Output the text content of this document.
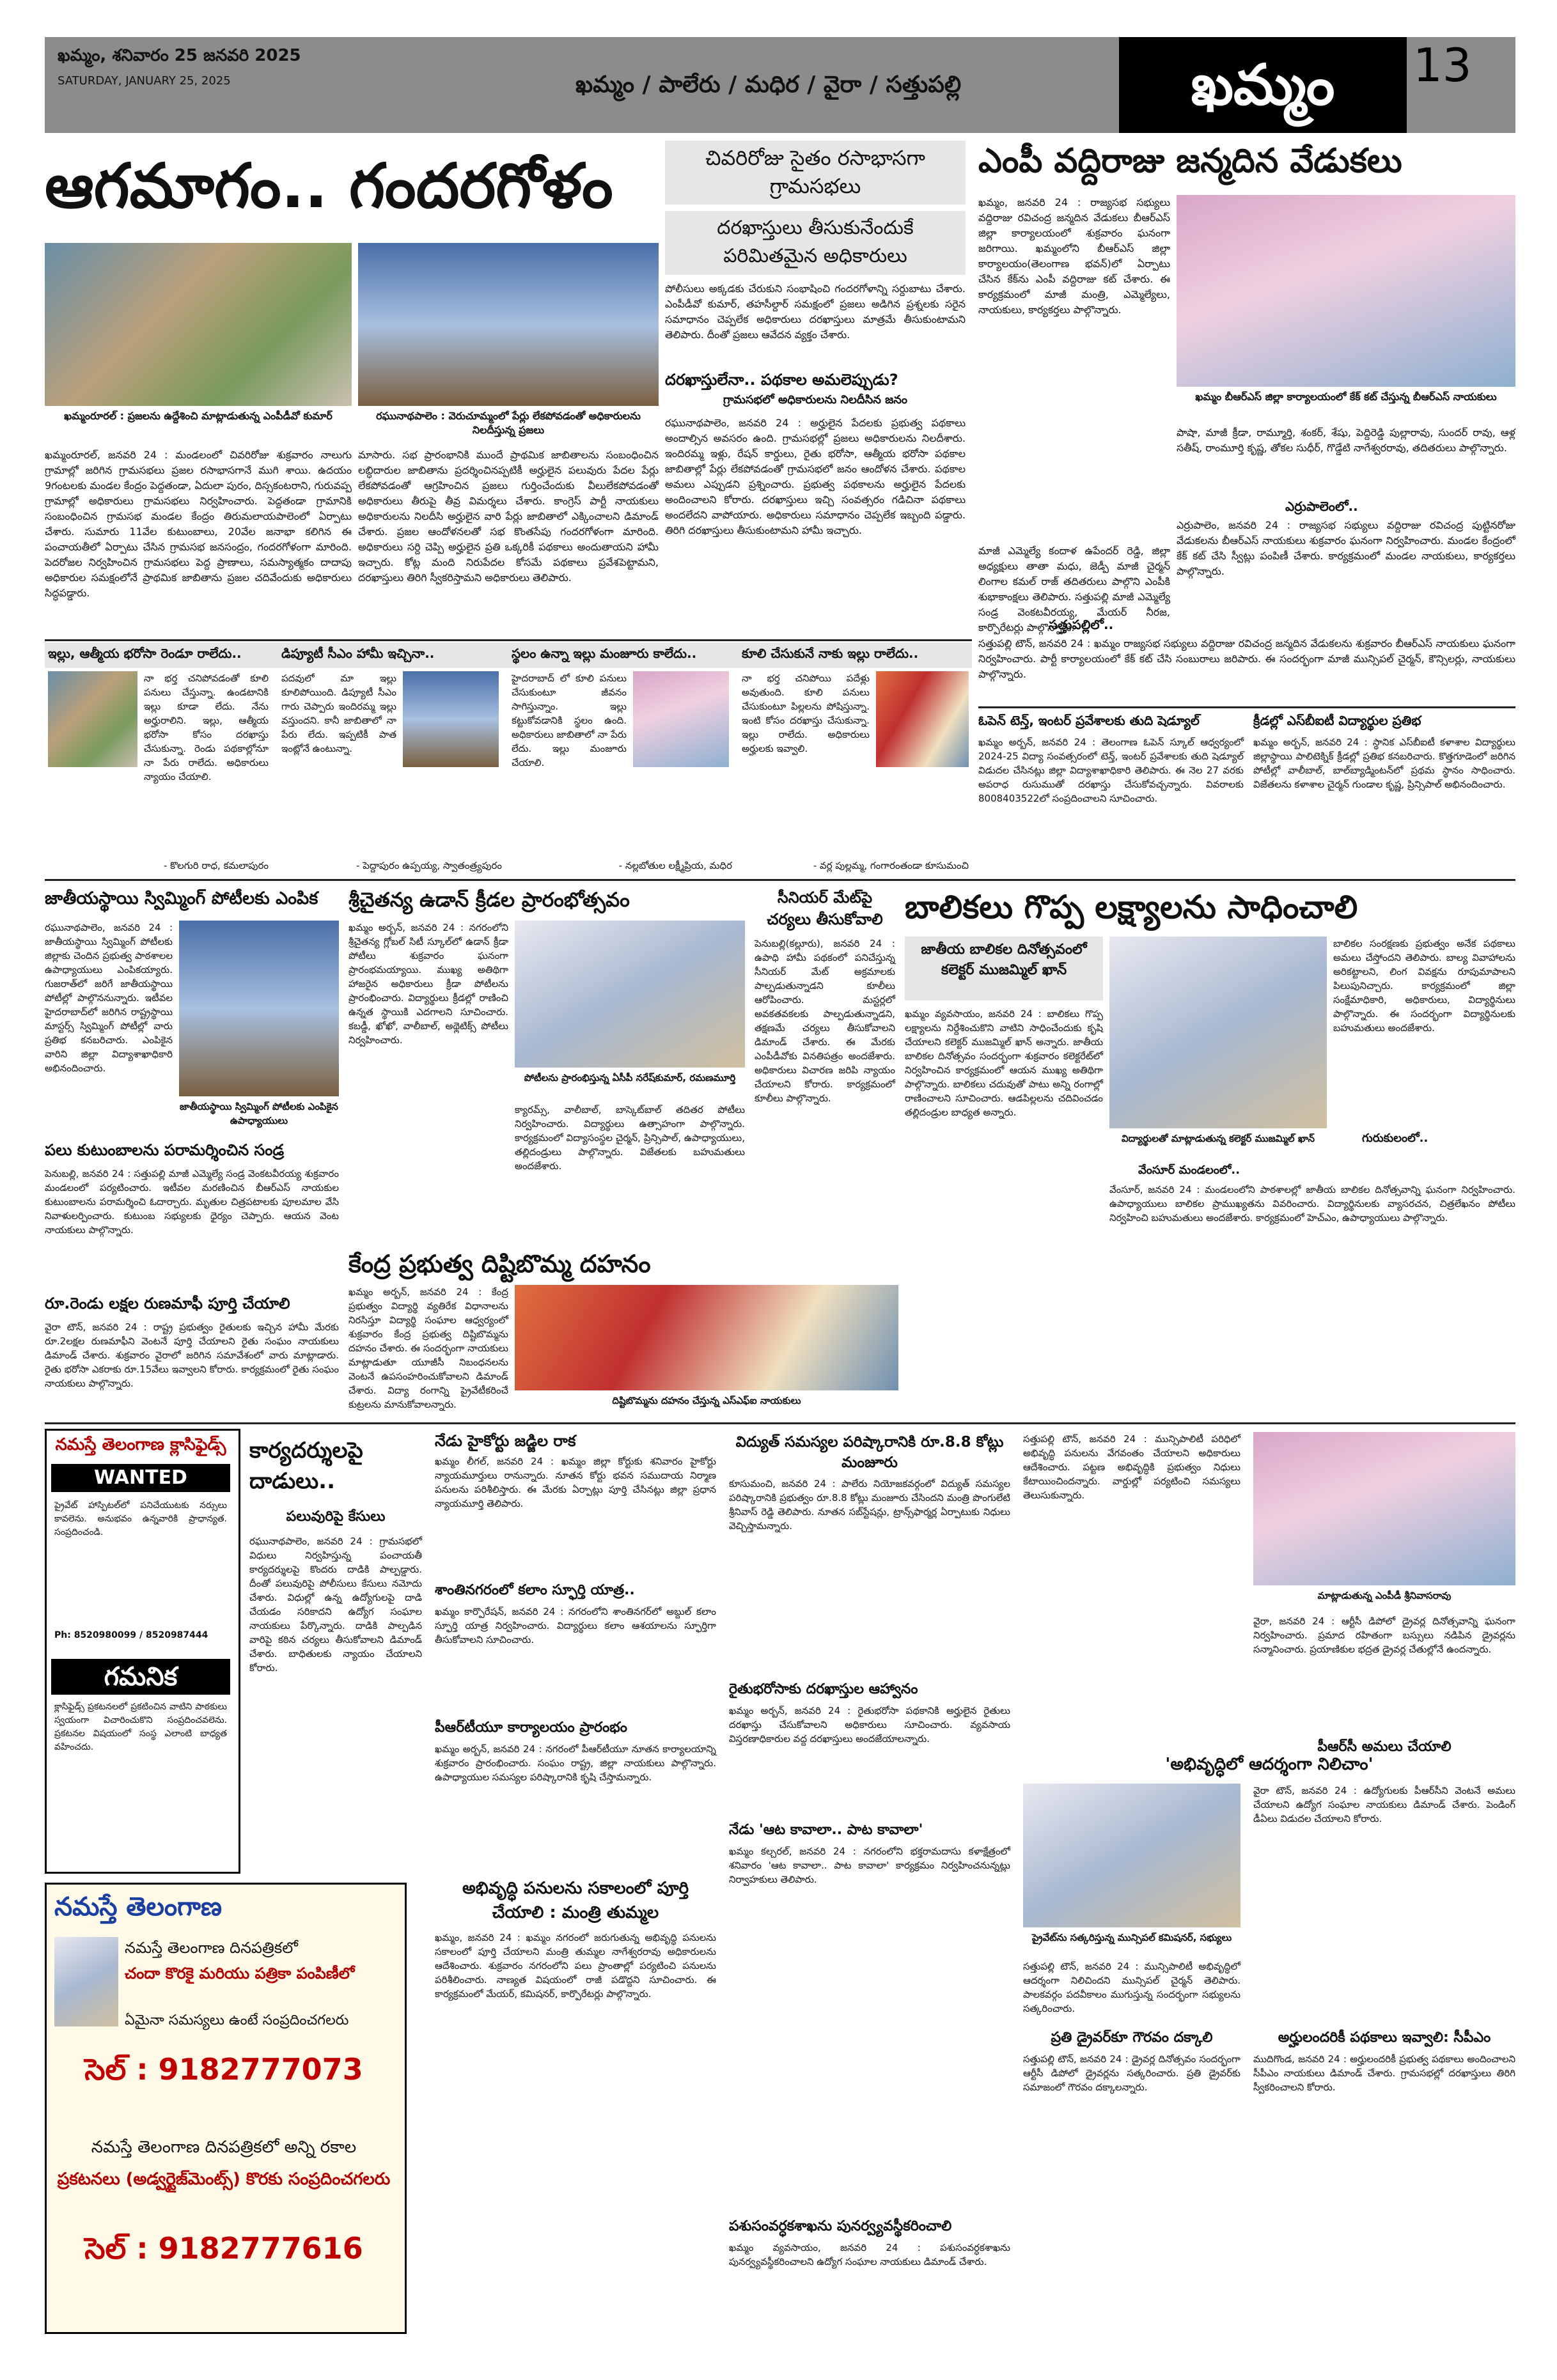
ఖమ్మం, శనివారం 25 జనవరి 2025
SATURDAY, JANUARY 25, 2025	ఖమ్మం / పాలేరు / మధిర / వైరా / సత్తుపల్లి	ఖమ్మం	13
ఆగమాగం.. గందరగోళం
ఖమ్మంరూరల్ : ప్రజలను ఉద్దేశించి మాట్లాడుతున్న ఎంపీడీవో కుమార్	రఘునాథపాలెం : వెరుచూమ్మంలో పేర్లు లేకపోవడంతో అధికారులను నిలదీస్తున్న ప్రజలు
ఖమ్మంరూరల్, జనవరి 24 : మండలంలో చివరిరోజు శుక్రవారం నాలుగు గ్రామాల్లో జరిగిన గ్రామసభలు ప్రజల రసాభాసగానే ముగి శాయి. ఉదయం 9గంటలకు మండల కేంద్రం పెద్దతండా, ఏదులా పురం, దిస్సకంటరాని, గురువప్ప గ్రామాల్లో అధికారులు గ్రామసభలు నిర్వహించారు. పెద్దతండా గ్రామానికి సంబంధించిన గ్రామసభ మండల కేంద్రం తిరుమలాయపాలెంలో ఏర్పాటు చేశారు. సుమారు 11వేల కుటుంబాలు, 20వేల జనాభా కలిగిన ఈ పంచాయతీలో ఏర్పాటు చేసిన గ్రామసభ జనసంద్రం, గందరగోళంగా మారింది. పెదరోజల నిర్వహించిన గ్రామసభలు పెద్ద ప్రాణాలు, సమస్యాత్మకం దాదాపు అధికారుల సమక్షంలోనే ప్రాథమిక జాబితాను ప్రజల చదివేందుకు అధికారులు సిద్ధపడ్డారు.
మాసారు. సభ ప్రారంభానికి ముందే ప్రాథమిక జాబితాలను సంబంధించిన లబ్ధిదారుల జాబితాను ప్రదర్శించినప్పటికీ అర్హులైన పలువురు పేదల పేర్లు లేకపోవడంతో ఆగ్రహించిన ప్రజలు గుర్తించేందుకు వీలులేకపోవడంతో అధికారులు తీరుపై తీవ్ర విమర్శలు చేశారు. కాంగ్రెస్ పార్టీ నాయకులు అధికారులను నిలదీసి అర్హులైన వారి పేర్లు జాబితాలో ఎక్కించాలని డిమాండ్ చేశారు. ప్రజల ఆందోళనలతో సభ కొంతసేపు గందరగోళంగా మారింది. అధికారులు సర్ది చెప్పి అర్హులైన ప్రతి ఒక్కరికీ పథకాలు అందుతాయని హామీ ఇచ్చారు. కోట్ల మంది నిరుపేదల కోసమే పథకాలు ప్రవేశపెట్టామని, దరఖాస్తులు తిరిగి స్వీకరిస్తామని అధికారులు తెలిపారు.
చివరిరోజు సైతం రసాభాసగా గ్రామసభలు
దరఖాస్తులు తీసుకునేందుకే పరిమితమైన అధికారులు
పోలీసులు అక్కడకు చేరుకుని సంభాషించి గందరగోళాన్ని సర్దుబాటు చేశారు. ఎంపీడీవో కుమార్, తహసీల్దార్ సమక్షంలో ప్రజలు అడిగిన ప్రశ్నలకు సరైన సమాధానం చెప్పలేక అధికారులు దరఖాస్తులు మాత్రమే తీసుకుంటామని తెలిపారు. దీంతో ప్రజలు ఆవేదన వ్యక్తం చేశారు.
దరఖాస్తులేనా.. పథకాల అమలెప్పుడు?
గ్రామసభలో అధికారులను నిలదీసిన జనం
రఘునాథపాలెం, జనవరి 24 : అర్హులైన పేదలకు ప్రభుత్వ పథకాలు అందాల్సిన అవసరం ఉంది. గ్రామసభల్లో ప్రజలు అధికారులను నిలదీశారు. ఇందిరమ్మ ఇళ్లు, రేషన్ కార్డులు, రైతు భరోసా, ఆత్మీయ భరోసా పథకాల జాబితాల్లో పేర్లు లేకపోవడంతో గ్రామసభలో జనం ఆందోళన చేశారు. పథకాల అమలు ఎప్పుడని ప్రశ్నించారు. ప్రభుత్వ పథకాలను అర్హులైన పేదలకు అందించాలని కోరారు. దరఖాస్తులు ఇచ్చి సంవత్సరం గడిచినా పథకాలు అందలేదని వాపోయారు. అధికారులు సమాధానం చెప్పలేక ఇబ్బంది పడ్డారు. తిరిగి దరఖాస్తులు తీసుకుంటామని హామీ ఇచ్చారు.
ఎంపీ వద్దిరాజు జన్మదిన వేడుకలు
ఖమ్మం, జనవరి 24 : రాజ్యసభ సభ్యులు వద్దిరాజు రవిచంద్ర జన్మదిన వేడుకలు బీఆర్ఎస్ జిల్లా కార్యాలయంలో శుక్రవారం ఘనంగా జరిగాయి. ఖమ్మంలోని బీఆర్ఎస్ జిల్లా కార్యాలయం(తెలంగాణ భవన్)లో ఏర్పాటు చేసిన కేక్‌ను ఎంపీ వద్దిరాజు కట్ చేశారు. ఈ కార్యక్రమంలో మాజీ మంత్రి, ఎమ్మెల్యేలు, నాయకులు, కార్యకర్తలు పాల్గొన్నారు.
ఖమ్మం బీఆర్ఎస్ జిల్లా కార్యాలయంలో కేక్ కట్ చేస్తున్న బీఆర్ఎస్ నాయకులు
పాషా, మాజీ క్రీడా, రామ్మూర్తి, శంకర్, శేషు, పెద్దిరెడ్డి పుల్లారావు, సుందర్ రావు, ఆళ్ల సతీష్, రాంమూర్తి కృష్ణ, తోకల సుధీర్, గొడ్డేటి నాగేశ్వరరావు, తదితరులు పాల్గొన్నారు.
మాజీ ఎమ్మెల్యే కందాళ ఉపేందర్ రెడ్డి, జిల్లా అధ్యక్షులు తాతా మధు, జెడ్పీ మాజీ చైర్మన్ లింగాల కమల్ రాజ్ తదితరులు పాల్గొని ఎంపీకి శుభాకాంక్షలు తెలిపారు. సత్తుపల్లి మాజీ ఎమ్మెల్యే సండ్ర వెంకటవీరయ్య, మేయర్ నీరజ, కార్పొరేటర్లు పాల్గొన్నారు.
ఎర్రుపాలెంలో..
ఎర్రుపాలెం, జనవరి 24 : రాజ్యసభ సభ్యులు వద్దిరాజు రవిచంద్ర పుట్టినరోజు వేడుకలను బీఆర్ఎస్ నాయకులు శుక్రవారం ఘనంగా నిర్వహించారు. మండల కేంద్రంలో కేక్ కట్ చేసి స్వీట్లు పంపిణీ చేశారు. కార్యక్రమంలో మండల నాయకులు, కార్యకర్తలు పాల్గొన్నారు.
సత్తుపల్లిలో..
సత్తుపల్లి టౌన్, జనవరి 24 : ఖమ్మం రాజ్యసభ సభ్యులు వద్దిరాజు రవిచంద్ర జన్మదిన వేడుకలను శుక్రవారం బీఆర్ఎస్ నాయకులు ఘనంగా నిర్వహించారు. పార్టీ కార్యాలయంలో కేక్ కట్ చేసి సంబురాలు జరిపారు. ఈ సందర్భంగా మాజీ మున్సిపల్ చైర్మన్, కౌన్సిలర్లు, నాయకులు పాల్గొన్నారు.
ఇల్లు, ఆత్మీయ భరోసా రెండూ రాలేదు..
నా భర్త చనిపోవడంతో కూలి పనులు చేస్తున్నా. ఉండటానికి ఇల్లు కూడా లేదు. నేను అర్హురాలిని. ఇల్లు, ఆత్మీయ భరోసా కోసం దరఖాస్తు చేసుకున్నా. రెండు పథకాల్లోనూ నా పేరు రాలేదు. అధికారులు న్యాయం చేయాలి.
- కొలగురి రాధ, కమలాపురం
డిప్యూటీ సీఎం హామీ ఇచ్చినా..
పదవులో మా ఇల్లు కూలిపోయింది. డిప్యూటీ సీఎం గారు చెప్పారు ఇందిరమ్మ ఇల్లు వస్తుందని. కానీ జాబితాలో నా పేరు లేదు. ఇప్పటికీ పాత ఇంట్లోనే ఉంటున్నా.
- పెద్దాపురం ఉప్పయ్య, స్వాతంత్ర్యపురం
స్థలం ఉన్నా ఇల్లు మంజూరు కాలేదు..
హైదరాబాద్ లో కూలి పనులు చేసుకుంటూ జీవనం సాగిస్తున్నాం. ఇల్లు కట్టుకోవడానికి స్థలం ఉంది. అధికారులు జాబితాలో నా పేరు లేదు. ఇల్లు మంజూరు చేయాలి.
- నల్లబోతుల లక్ష్మీప్రియ, మధిర
కూలి చేసుకునే నాకు ఇల్లు రాలేదు..
నా భర్త చనిపోయి పదేళ్లు అవుతుంది. కూలి పనులు చేసుకుంటూ పిల్లలను పోషిస్తున్నా. ఇంటి కోసం దరఖాస్తు చేసుకున్నా. ఇల్లు రాలేదు. అధికారులు అర్హులకు ఇవ్వాలి.
- వర్ల పుల్లమ్మ, గంగారంతండా కూసుమంచి
ఓపెన్ టెన్త్, ఇంటర్ ప్రవేశాలకు తుది షెడ్యూల్
ఖమ్మం అర్బన్, జనవరి 24 : తెలంగాణ ఓపెన్ స్కూల్ ఆధ్వర్యంలో 2024-25 విద్యా సంవత్సరంలో టెన్త్, ఇంటర్ ప్రవేశాలకు తుది షెడ్యూల్ విడుదల చేసినట్లు జిల్లా విద్యాశాఖాధికారి తెలిపారు. ఈ నెల 27 వరకు అపరాధ రుసుముతో దరఖాస్తు చేసుకోవచ్చన్నారు. వివరాలకు 8008403522లో సంప్రదించాలని సూచించారు.
క్రీడల్లో ఎస్‌బీఐటీ విద్యార్థుల ప్రతిభ
ఖమ్మం అర్బన్, జనవరి 24 : స్థానిక ఎస్‌బీఐటీ కళాశాల విద్యార్థులు జిల్లాస్థాయి పాలిటెక్నిక్ క్రీడల్లో ప్రతిభ కనబరిచారు. కొత్తగూడెంలో జరిగిన పోటీల్లో వాలీబాల్, బాల్‌బ్యాడ్మింటన్‌లో ప్రథమ స్థానం సాధించారు. విజేతలను కళాశాల చైర్మన్ గుండాల కృష్ణ, ప్రిన్సిపాల్ అభినందించారు.
జాతీయస్థాయి స్విమ్మింగ్ పోటీలకు ఎంపిక
రఘునాథపాలెం, జనవరి 24 : జాతీయస్థాయి స్విమ్మింగ్ పోటీలకు జిల్లాకు చెందిన ప్రభుత్వ పాఠశాలల ఉపాధ్యాయులు ఎంపికయ్యారు. గుజరాత్‌లో జరిగే జాతీయస్థాయి పోటీల్లో పాల్గొననున్నారు. ఇటీవల హైదరాబాద్‌లో జరిగిన రాష్ట్రస్థాయి మాస్టర్స్ స్విమ్మింగ్ పోటీల్లో వారు ప్రతిభ కనబరిచారు. ఎంపికైన వారిని జిల్లా విద్యాశాఖాధికారి అభినందించారు.
జాతీయస్థాయి స్విమ్మింగ్ పోటీలకు ఎంపికైన ఉపాధ్యాయులు
పలు కుటుంబాలను పరామర్శించిన సండ్ర
పెనుబల్లి, జనవరి 24 : సత్తుపల్లి మాజీ ఎమ్మెల్యే సండ్ర వెంకటవీరయ్య శుక్రవారం మండలంలో పర్యటించారు. ఇటీవల మరణించిన బీఆర్ఎస్ నాయకుల కుటుంబాలను పరామర్శించి ఓదార్చారు. మృతుల చిత్రపటాలకు పూలమాల వేసి నివాళులర్పించారు. కుటుంబ సభ్యులకు ధైర్యం చెప్పారు. ఆయన వెంట నాయకులు పాల్గొన్నారు.
రూ.రెండు లక్షల రుణమాఫీ పూర్తి చేయాలి
వైరా టౌన్, జనవరి 24 : రాష్ట్ర ప్రభుత్వం రైతులకు ఇచ్చిన హామీ మేరకు రూ.2లక్షల రుణమాఫీని వెంటనే పూర్తి చేయాలని రైతు సంఘం నాయకులు డిమాండ్ చేశారు. శుక్రవారం వైరాలో జరిగిన సమావేశంలో వారు మాట్లాడారు. రైతు భరోసా ఎకరాకు రూ.15వేలు ఇవ్వాలని కోరారు. కార్యక్రమంలో రైతు సంఘం నాయకులు పాల్గొన్నారు.
శ్రీచైతన్య ఉడాన్ క్రీడల ప్రారంభోత్సవం
ఖమ్మం అర్బన్, జనవరి 24 : నగరంలోని శ్రీచైతన్య గ్లోబల్ సిటీ స్కూల్‌లో ఉడాన్ క్రీడా పోటీలు శుక్రవారం ఘనంగా ప్రారంభమయ్యాయి. ముఖ్య అతిథిగా హాజరైన అధికారులు క్రీడా పోటీలను ప్రారంభించారు. విద్యార్థులు క్రీడల్లో రాణించి ఉన్నత స్థాయికి ఎదగాలని సూచించారు. కబడ్డీ, ఖోఖో, వాలీబాల్, అథ్లెటిక్స్ పోటీలు నిర్వహించారు.
పోటీలను ప్రారంభిస్తున్న ఏసీపీ నరేష్‌కుమార్, రమణమూర్తి
క్యారమ్స్, వాలీబాల్, బాస్కెట్‌బాల్ తదితర పోటీలు నిర్వహించారు. విద్యార్థులు ఉత్సాహంగా పాల్గొన్నారు. కార్యక్రమంలో విద్యాసంస్థల చైర్మన్, ప్రిన్సిపాల్, ఉపాధ్యాయులు, తల్లిదండ్రులు పాల్గొన్నారు. విజేతలకు బహుమతులు అందజేశారు.
సీనియర్ మేట్‌పై చర్యలు తీసుకోవాలి
పెనుబల్లి(కల్లూరు), జనవరి 24 : ఉపాధి హామీ పథకంలో పనిచేస్తున్న సీనియర్ మేట్ అక్రమాలకు పాల్పడుతున్నాడని కూలీలు ఆరోపించారు. మస్టర్లలో అవకతవకలకు పాల్పడుతున్నాడని, తక్షణమే చర్యలు తీసుకోవాలని డిమాండ్ చేశారు. ఈ మేరకు ఎంపీడీవోకు వినతిపత్రం అందజేశారు. అధికారులు విచారణ జరిపి న్యాయం చేయాలని కోరారు. కార్యక్రమంలో కూలీలు పాల్గొన్నారు.
కేంద్ర ప్రభుత్వ దిష్టిబొమ్మ దహనం
ఖమ్మం అర్బన్, జనవరి 24 : కేంద్ర ప్రభుత్వం విద్యార్థి వ్యతిరేక విధానాలను నిరసిస్తూ విద్యార్థి సంఘాల ఆధ్వర్యంలో శుక్రవారం కేంద్ర ప్రభుత్వ దిష్టిబొమ్మను దహనం చేశారు. ఈ సందర్భంగా నాయకులు మాట్లాడుతూ యూజీసీ నిబంధనలను వెంటనే ఉపసంహరించుకోవాలని డిమాండ్ చేశారు. విద్యా రంగాన్ని ప్రైవేటీకరించే కుట్రలను మానుకోవాలన్నారు.	దిష్టిబొమ్మను దహనం చేస్తున్న ఎస్ఎఫ్ఐ నాయకులు
బాలికలు గొప్ప లక్ష్యాలను సాధించాలి
జాతీయ బాలికల దినోత్సవంలో కలెక్టర్ ముజమ్మిల్ ఖాన్
ఖమ్మం వ్యవసాయం, జనవరి 24 : బాలికలు గొప్ప లక్ష్యాలను నిర్దేశించుకొని వాటిని సాధించేందుకు కృషి చేయాలని కలెక్టర్ ముజమ్మిల్ ఖాన్ అన్నారు. జాతీయ బాలికల దినోత్సవం సందర్భంగా శుక్రవారం కలెక్టరేట్‌లో నిర్వహించిన కార్యక్రమంలో ఆయన ముఖ్య అతిథిగా పాల్గొన్నారు. బాలికలు చదువుతో పాటు అన్ని రంగాల్లో రాణించాలని సూచించారు. ఆడపిల్లలను చదివించడం తల్లిదండ్రుల బాధ్యత అన్నారు.
విద్యార్థులతో మాట్లాడుతున్న కలెక్టర్ ముజమ్మిల్ ఖాన్
బాలికల సంరక్షణకు ప్రభుత్వం అనేక పథకాలు అమలు చేస్తోందని తెలిపారు. బాల్య వివాహాలను అరికట్టాలని, లింగ వివక్షను రూపుమాపాలని పిలుపునిచ్చారు. కార్యక్రమంలో జిల్లా సంక్షేమాధికారి, అధికారులు, విద్యార్థినులు పాల్గొన్నారు. ఈ సందర్భంగా విద్యార్థినులకు బహుమతులు అందజేశారు.
గురుకులంలో..
వేంసూర్ మండలంలో..
వేంసూర్, జనవరి 24 : మండలంలోని పాఠశాలల్లో జాతీయ బాలికల దినోత్సవాన్ని ఘనంగా నిర్వహించారు. ఉపాధ్యాయులు బాలికల ప్రాముఖ్యతను వివరించారు. విద్యార్థినులకు వ్యాసరచన, చిత్రలేఖనం పోటీలు నిర్వహించి బహుమతులు అందజేశారు. కార్యక్రమంలో హెచ్‌ఎం, ఉపాధ్యాయులు పాల్గొన్నారు.
నమస్తే తెలంగాణ క్లాసిఫైడ్స్
WANTED
ప్రైవేట్ హాస్పిటల్‌లో పనిచేయుటకు నర్సులు కావలెను. అనుభవం ఉన్నవారికి ప్రాధాన్యత. సంప్రదించండి.
Ph: 8520980099 / 8520987444
గమనిక
క్లాసిఫైడ్స్ ప్రకటనలలో ప్రకటించిన వాటిని పాఠకులు స్వయంగా విచారించుకొని సంప్రదించవలెను. ప్రకటనల విషయంలో సంస్థ ఎలాంటి బాధ్యత వహించదు.
నమస్తే తెలంగాణ
నమస్తే తెలంగాణ దినపత్రికలో
చందా కొరకై మరియు పత్రికా పంపిణీలో
ఏమైనా సమస్యలు ఉంటే సంప్రదించగలరు
సెల్ : 9182777073
నమస్తే తెలంగాణ దినపత్రికలో అన్ని రకాల
ప్రకటనలు (అడ్వర్టైజ్‌మెంట్స్) కొరకు సంప్రదించగలరు
సెల్ : 9182777616
కార్యదర్శులపై దాడులు..
పలువురిపై కేసులు
రఘునాథపాలెం, జనవరి 24 : గ్రామసభలో విధులు నిర్వహిస్తున్న పంచాయతీ కార్యదర్శులపై కొందరు దాడికి పాల్పడ్డారు. దీంతో పలువురిపై పోలీసులు కేసులు నమోదు చేశారు. విధుల్లో ఉన్న ఉద్యోగులపై దాడి చేయడం సరికాదని ఉద్యోగ సంఘాల నాయకులు పేర్కొన్నారు. దాడికి పాల్పడిన వారిపై కఠిన చర్యలు తీసుకోవాలని డిమాండ్ చేశారు. బాధితులకు న్యాయం చేయాలని కోరారు.
నేడు హైకోర్టు జడ్జిల రాక
ఖమ్మం లీగల్, జనవరి 24 : ఖమ్మం జిల్లా కోర్టుకు శనివారం హైకోర్టు న్యాయమూర్తులు రానున్నారు. నూతన కోర్టు భవన సముదాయ నిర్మాణ పనులను పరిశీలిస్తారు. ఈ మేరకు ఏర్పాట్లు పూర్తి చేసినట్లు జిల్లా ప్రధాన న్యాయమూర్తి తెలిపారు.
శాంతినగరంలో కలాం స్ఫూర్తి యాత్ర..
ఖమ్మం కార్పొరేషన్, జనవరి 24 : నగరంలోని శాంతినగర్‌లో అబ్దుల్ కలాం స్ఫూర్తి యాత్ర నిర్వహించారు. విద్యార్థులు కలాం ఆశయాలను స్ఫూర్తిగా తీసుకోవాలని సూచించారు.
పీఆర్‌టీయూ కార్యాలయం ప్రారంభం
ఖమ్మం అర్బన్, జనవరి 24 : నగరంలో పీఆర్‌టీయూ నూతన కార్యాలయాన్ని శుక్రవారం ప్రారంభించారు. సంఘం రాష్ట్ర, జిల్లా నాయకులు పాల్గొన్నారు. ఉపాధ్యాయుల సమస్యల పరిష్కారానికి కృషి చేస్తామన్నారు.
అభివృద్ధి పనులను సకాలంలో పూర్తి చేయాలి : మంత్రి తుమ్మల
ఖమ్మం, జనవరి 24 : ఖమ్మం నగరంలో జరుగుతున్న అభివృద్ధి పనులను సకాలంలో పూర్తి చేయాలని మంత్రి తుమ్మల నాగేశ్వరరావు అధికారులను ఆదేశించారు. శుక్రవారం నగరంలోని పలు ప్రాంతాల్లో పర్యటించి పనులను పరిశీలించారు. నాణ్యత విషయంలో రాజీ పడొద్దని సూచించారు. ఈ కార్యక్రమంలో మేయర్, కమిషనర్, కార్పొరేటర్లు పాల్గొన్నారు.
విద్యుత్ సమస్యల పరిష్కారానికి రూ.8.8 కోట్లు మంజూరు
కూసుమంచి, జనవరి 24 : పాలేరు నియోజకవర్గంలో విద్యుత్ సమస్యల పరిష్కారానికి ప్రభుత్వం రూ.8.8 కోట్లు మంజూరు చేసిందని మంత్రి పొంగులేటి శ్రీనివాస్ రెడ్డి తెలిపారు. నూతన సబ్‌స్టేషన్లు, ట్రాన్స్‌ఫార్మర్ల ఏర్పాటుకు నిధులు వెచ్చిస్తామన్నారు.
రైతుభరోసాకు దరఖాస్తుల ఆహ్వానం
ఖమ్మం అర్బన్, జనవరి 24 : రైతుభరోసా పథకానికి అర్హులైన రైతులు దరఖాస్తు చేసుకోవాలని అధికారులు సూచించారు. వ్యవసాయ విస్తరణాధికారుల వద్ద దరఖాస్తులు అందజేయాలన్నారు.
నేడు 'ఆట కావాలా.. పాట కావాలా'
ఖమ్మం కల్చరల్, జనవరి 24 : నగరంలోని భక్తరామదాసు కళాక్షేత్రంలో శనివారం 'ఆట కావాలా.. పాట కావాలా' కార్యక్రమం నిర్వహించనున్నట్లు నిర్వాహకులు తెలిపారు.
పశుసంవర్ధకశాఖను పునర్వ్యవస్థీకరించాలి
ఖమ్మం వ్యవసాయం, జనవరి 24 : పశుసంవర్ధకశాఖను పునర్వ్యవస్థీకరించాలని ఉద్యోగ సంఘాల నాయకులు డిమాండ్ చేశారు.
సత్తుపల్లి టౌన్, జనవరి 24 : మున్సిపాలిటీ పరిధిలో అభివృద్ధి పనులను వేగవంతం చేయాలని అధికారులు ఆదేశించారు. పట్టణ అభివృద్ధికి ప్రభుత్వం నిధులు కేటాయించిందన్నారు. వార్డుల్లో పర్యటించి సమస్యలు తెలుసుకున్నారు.
మాట్లాడుతున్న ఎంపీడీ శ్రీనివాసరావు
వైరా, జనవరి 24 : ఆర్టీసీ డిపోలో డ్రైవర్ల దినోత్సవాన్ని ఘనంగా నిర్వహించారు. ప్రమాద రహితంగా బస్సులు నడిపిన డ్రైవర్లను సన్మానించారు. ప్రయాణికుల భద్రత డ్రైవర్ల చేతుల్లోనే ఉందన్నారు.
'అభివృద్ధిలో ఆదర్శంగా నిలిచాం'
ప్రైవేట్‌ను సత్కరిస్తున్న మున్సిపల్ కమిషనర్, సభ్యులు
సత్తుపల్లి టౌన్, జనవరి 24 : మున్సిపాలిటీ అభివృద్ధిలో ఆదర్శంగా నిలిచిందని మున్సిపల్ చైర్మన్ తెలిపారు. పాలకవర్గం పదవీకాలం ముగుస్తున్న సందర్భంగా సభ్యులను సత్కరించారు.
ప్రతి డ్రైవర్‌కూ గౌరవం దక్కాలి
సత్తుపల్లి టౌన్, జనవరి 24 : డ్రైవర్ల దినోత్సవం సందర్భంగా ఆర్టీసీ డిపోలో డ్రైవర్లను సత్కరించారు. ప్రతి డ్రైవర్‌కు సమాజంలో గౌరవం దక్కాలన్నారు.
పీఆర్‌సీ అమలు చేయాలి
వైరా టౌన్, జనవరి 24 : ఉద్యోగులకు పీఆర్‌సీని వెంటనే అమలు చేయాలని ఉద్యోగ సంఘాల నాయకులు డిమాండ్ చేశారు. పెండింగ్ డీఏలు విడుదల చేయాలని కోరారు.
అర్హులందరికీ పథకాలు ఇవ్వాలి: సీపీఎం
ముదిగొండ, జనవరి 24 : అర్హులందరికీ ప్రభుత్వ పథకాలు అందించాలని సీపీఎం నాయకులు డిమాండ్ చేశారు. గ్రామసభల్లో దరఖాస్తులు తిరిగి స్వీకరించాలని కోరారు.
